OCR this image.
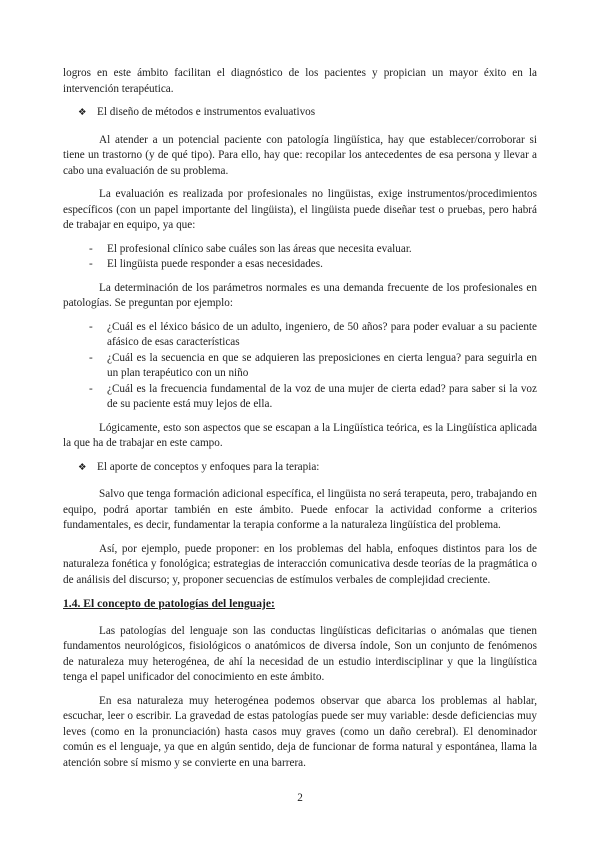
logros en este ámbito facilitan el diagnóstico de los pacientes y propician un mayor éxito en la intervención terapéutica.

❖ El diseño de métodos e instrumentos evaluativos

Al atender a un potencial paciente con patología lingüística, hay que establecer/corroborar si tiene un trastorno (y de qué tipo). Para ello, hay que: recopilar los antecedentes de esa persona y llevar a cabo una evaluación de su problema.

La evaluación es realizada por profesionales no lingüistas, exige instrumentos/procedimientos específicos (con un papel importante del lingüista), el lingüista puede diseñar test o pruebas, pero habrá de trabajar en equipo, ya que:

-	El profesional clínico sabe cuáles son las áreas que necesita evaluar.
-	El lingüista puede responder a esas necesidades.

La determinación de los parámetros normales es una demanda frecuente de los profesionales en patologías. Se preguntan por ejemplo:

-	¿Cuál es el léxico básico de un adulto, ingeniero, de 50 años? para poder evaluar a su paciente afásico de esas características
-	¿Cuál es la secuencia en que se adquieren las preposiciones en cierta lengua? para seguirla en un plan terapéutico con un niño
-	¿Cuál es la frecuencia fundamental de la voz de una mujer de cierta edad? para saber si la voz de su paciente está muy lejos de ella.

Lógicamente, esto son aspectos que se escapan a la Lingüística teórica, es la Lingüística aplicada la que ha de trabajar en este campo.

❖ El aporte de conceptos y enfoques para la terapia:

Salvo que tenga formación adicional específica, el lingüista no será terapeuta, pero, trabajando en equipo, podrá aportar también en este ámbito. Puede enfocar la actividad conforme a criterios fundamentales, es decir, fundamentar la terapia conforme a la naturaleza lingüística del problema.

Así, por ejemplo, puede proponer: en los problemas del habla, enfoques distintos para los de naturaleza fonética y fonológica; estrategias de interacción comunicativa desde teorías de la pragmática o de análisis del discurso; y, proponer secuencias de estímulos verbales de complejidad creciente.

1.4. El concepto de patologías del lenguaje:

Las patologías del lenguaje son las conductas lingüísticas deficitarias o anómalas que tienen fundamentos neurológicos, fisiológicos o anatómicos de diversa índole, Son un conjunto de fenómenos de naturaleza muy heterogénea, de ahí la necesidad de un estudio interdisciplinar y que la lingüística tenga el papel unificador del conocimiento en este ámbito.

En esa naturaleza muy heterogénea podemos observar que abarca los problemas al hablar, escuchar, leer o escribir. La gravedad de estas patologías puede ser muy variable: desde deficiencias muy leves (como en la pronunciación) hasta casos muy graves (como un daño cerebral). El denominador común es el lenguaje, ya que en algún sentido, deja de funcionar de forma natural y espontánea, llama la atención sobre sí mismo y se convierte en una barrera.

2
